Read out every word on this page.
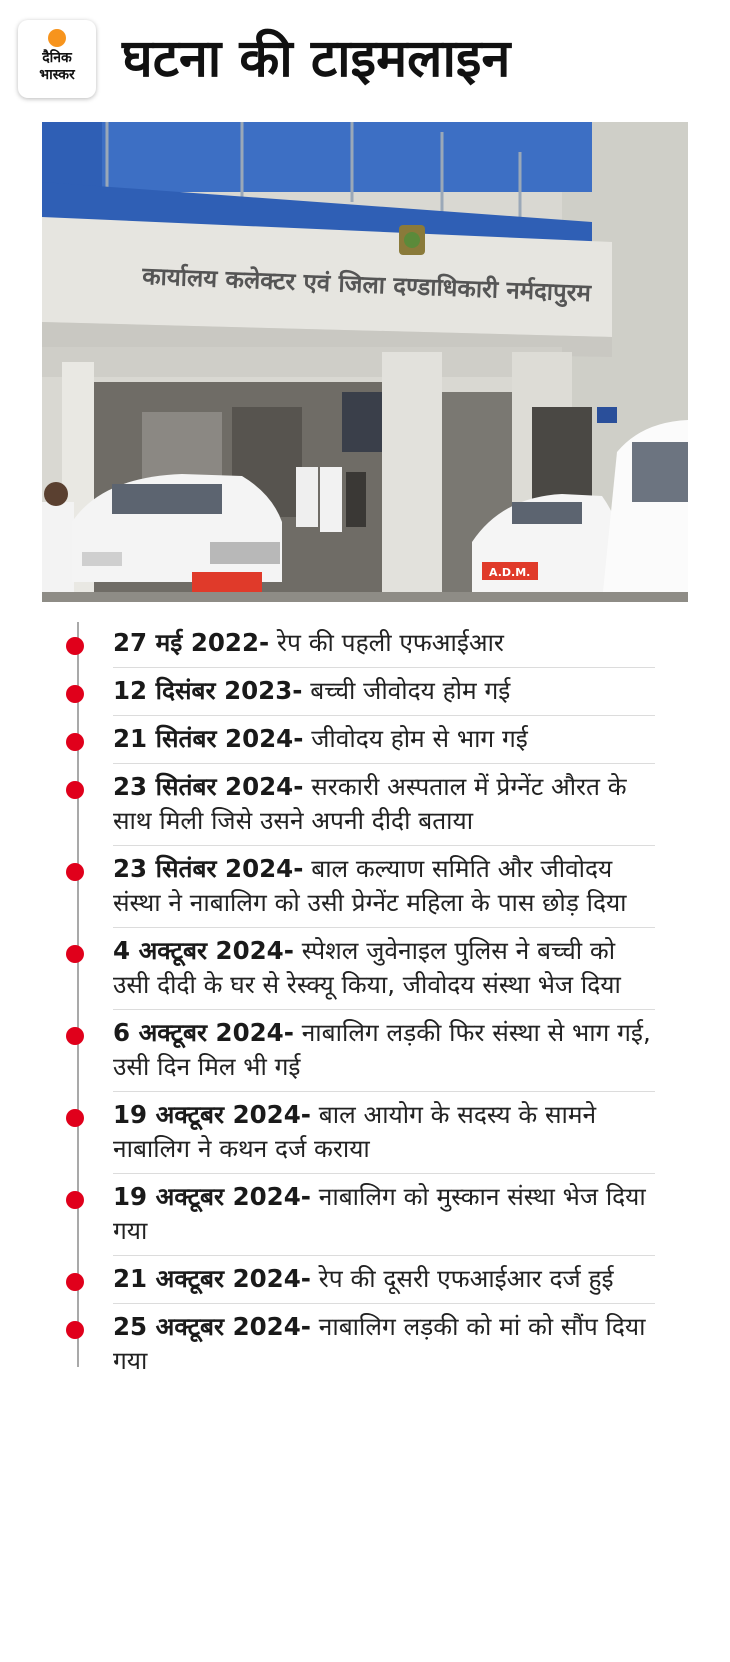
दैनिक
भास्कर घटना की टाइमलाइन
कार्यालय कलेक्टर एवं जिला दण्डाधिकारी नर्मदापुरम
A.D.M.
27 मई 2022- रेप की पहली एफआईआर
12 दिसंबर 2023- बच्ची जीवोदय होम गई
21 सितंबर 2024- जीवोदय होम से भाग गई
23 सितंबर 2024- सरकारी अस्पताल में प्रेग्नेंट औरत के साथ मिली जिसे उसने अपनी दीदी बताया
23 सितंबर 2024- बाल कल्याण समिति और जीवोदय संस्था ने नाबालिग को उसी प्रेग्नेंट महिला के पास छोड़ दिया
4 अक्टूबर 2024- स्पेशल जुवेनाइल पुलिस ने बच्ची को उसी दीदी के घर से रेस्क्यू किया, जीवोदय संस्था भेज दिया
6 अक्टूबर 2024- नाबालिग लड़की फिर संस्था से भाग गई, उसी दिन मिल भी गई
19 अक्टूबर 2024- बाल आयोग के सदस्य के सामने नाबालिग ने कथन दर्ज कराया
19 अक्टूबर 2024- नाबालिग को मुस्कान संस्था भेज दिया गया
21 अक्टूबर 2024- रेप की दूसरी एफआईआर दर्ज हुई
25 अक्टूबर 2024- नाबालिग लड़की को मां को सौंप दिया गया
